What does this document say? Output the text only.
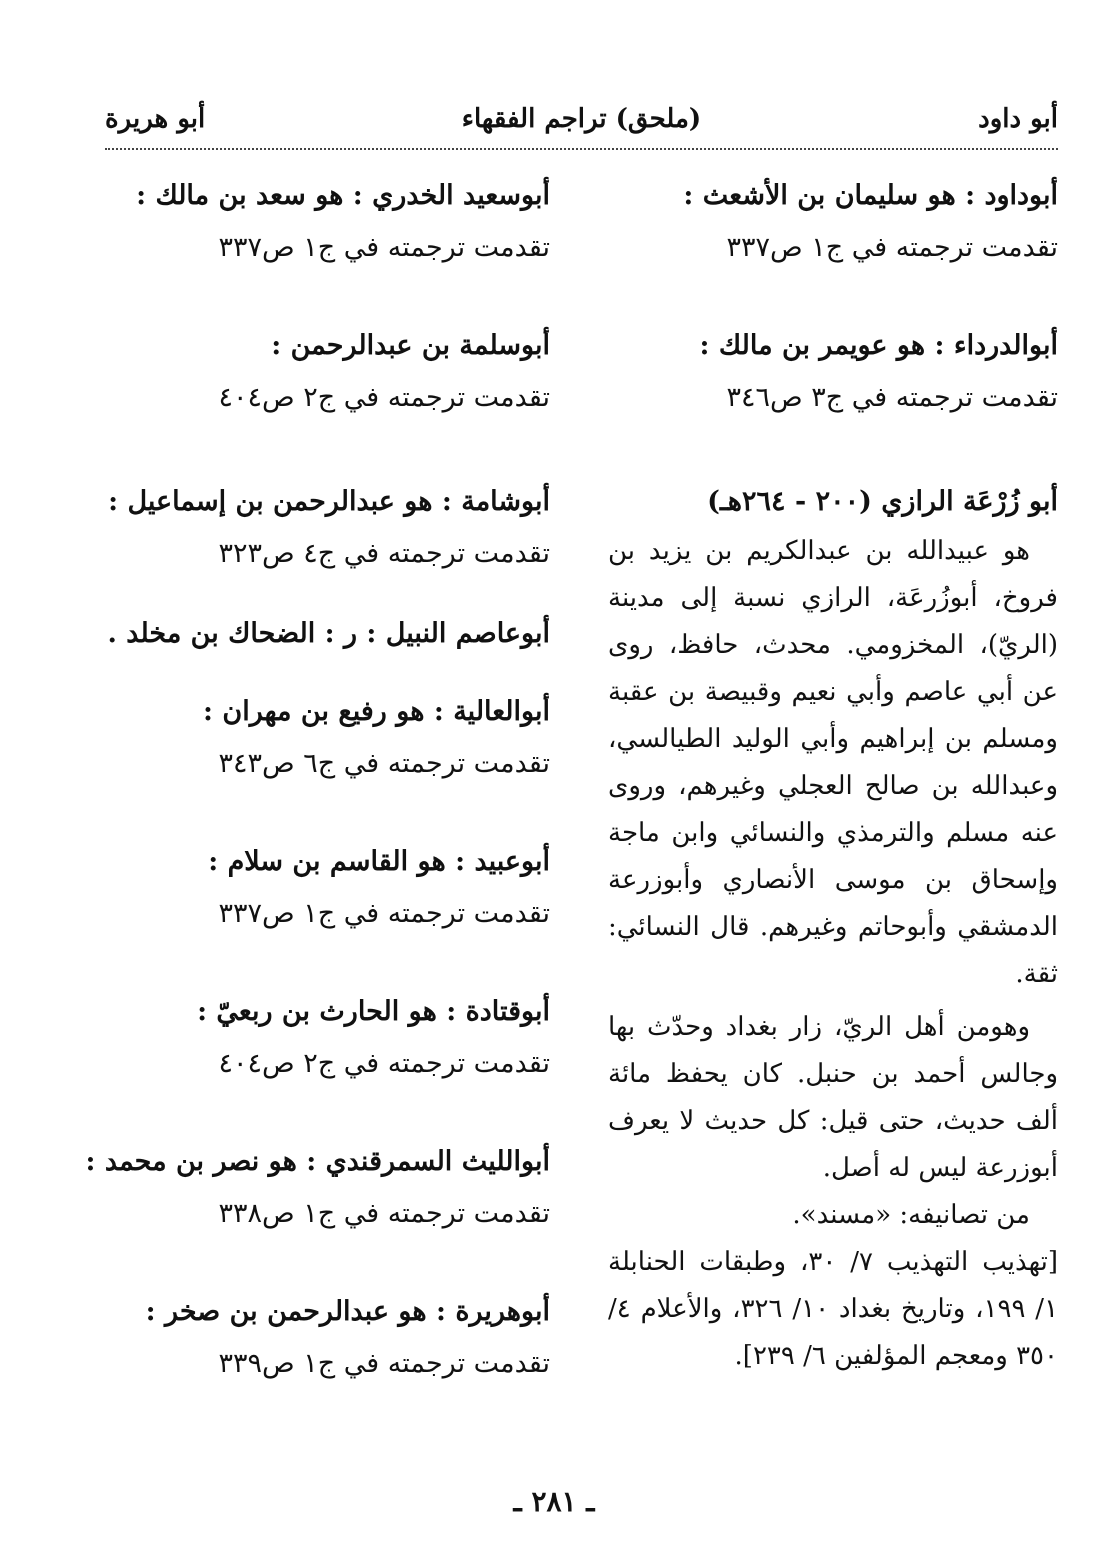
أبو داود
(ملحق) تراجم الفقهاء
أبو هريرة
أبوداود : هو سليمان بن الأشعث :
تقدمت ترجمته في ج١ ص٣٣٧
أبوالدرداء : هو عويمر بن مالك :
تقدمت ترجمته في ج٣ ص٣٤٦
أبو زُرْعَة الرازي (٢٠٠ - ٢٦٤هـ)

هو عبيدالله بن عبدالكريم بن يزيد بن فروخ، أبوزُرعَة، الرازي نسبة إلى مدينة (الريّ)، المخزومي. محدث، حافظ، روى عن أبي عاصم وأبي نعيم وقبيصة بن عقبة ومسلم بن إبراهيم وأبي الوليد الطيالسي، وعبدالله بن صالح العجلي وغيرهم، وروى عنه مسلم والترمذي والنسائي وابن ماجة وإسحاق بن موسى الأنصاري وأبوزرعة الدمشقي وأبوحاتم وغيرهم. قال النسائي: ثقة.

وهومن أهل الريّ، زار بغداد وحدّث بها وجالس أحمد بن حنبل. كان يحفظ مائة ألف حديث، حتى قيل: كل حديث لا يعرف أبوزرعة ليس له أصل.

من تصانيفه: «مسند».

[تهذيب التهذيب ٧/ ٣٠، وطبقات الحنابلة ١/ ١٩٩، وتاريخ بغداد ١٠/ ٣٢٦، والأعلام ٤/ ٣٥٠ ومعجم المؤلفين ٦/ ٢٣٩].

أبوسعيد الخدري : هو سعد بن مالك :
تقدمت ترجمته في ج١ ص٣٣٧
أبوسلمة بن عبدالرحمن :
تقدمت ترجمته في ج٢ ص٤٠٤
أبوشامة : هو عبدالرحمن بن إسماعيل :
تقدمت ترجمته في ج٤ ص٣٢٣
أبوعاصم النبيل : ر : الضحاك بن مخلد .
أبوالعالية : هو رفيع بن مهران :
تقدمت ترجمته في ج٦ ص٣٤٣
أبوعبيد : هو القاسم بن سلام :
تقدمت ترجمته في ج١ ص٣٣٧
أبوقتادة : هو الحارث بن ربعيّ :
تقدمت ترجمته في ج٢ ص٤٠٤
أبوالليث السمرقندي : هو نصر بن محمد :
تقدمت ترجمته في ج١ ص٣٣٨
أبوهريرة : هو عبدالرحمن بن صخر :
تقدمت ترجمته في ج١ ص٣٣٩
ـ ٢٨١ ـ
